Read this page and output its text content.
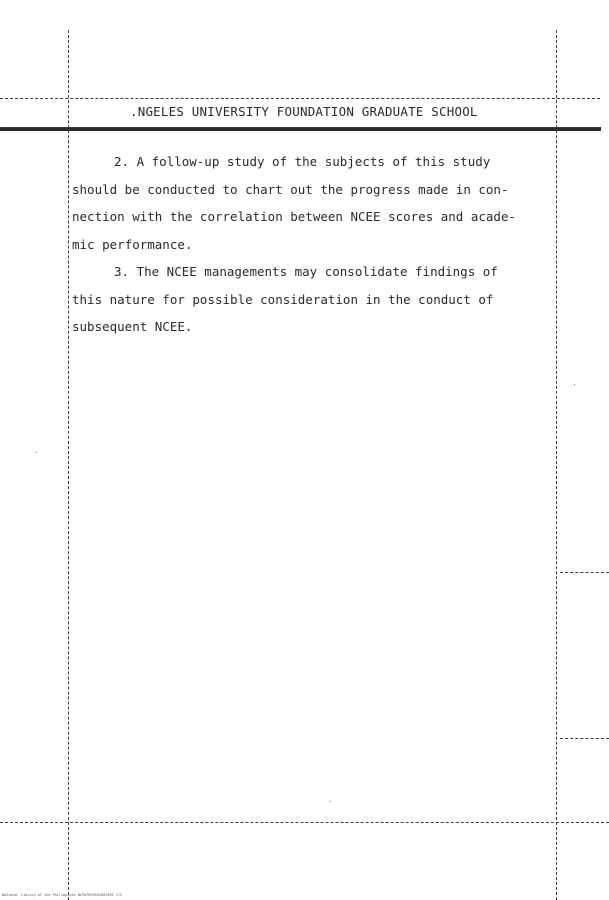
.NGELES UNIVERSITY FOUNDATION GRADUATE SCHOOL
2. A follow-up study of the subjects of this study
should be conducted to chart out the progress made in con-
nection with the correlation between NCEE scores and acade-
mic performance.
3. The NCEE managements may consolidate findings of
this nature for possible consideration in the conduct of
subsequent NCEE.
National Library of the Philippines NLP07893531001099 1/2
